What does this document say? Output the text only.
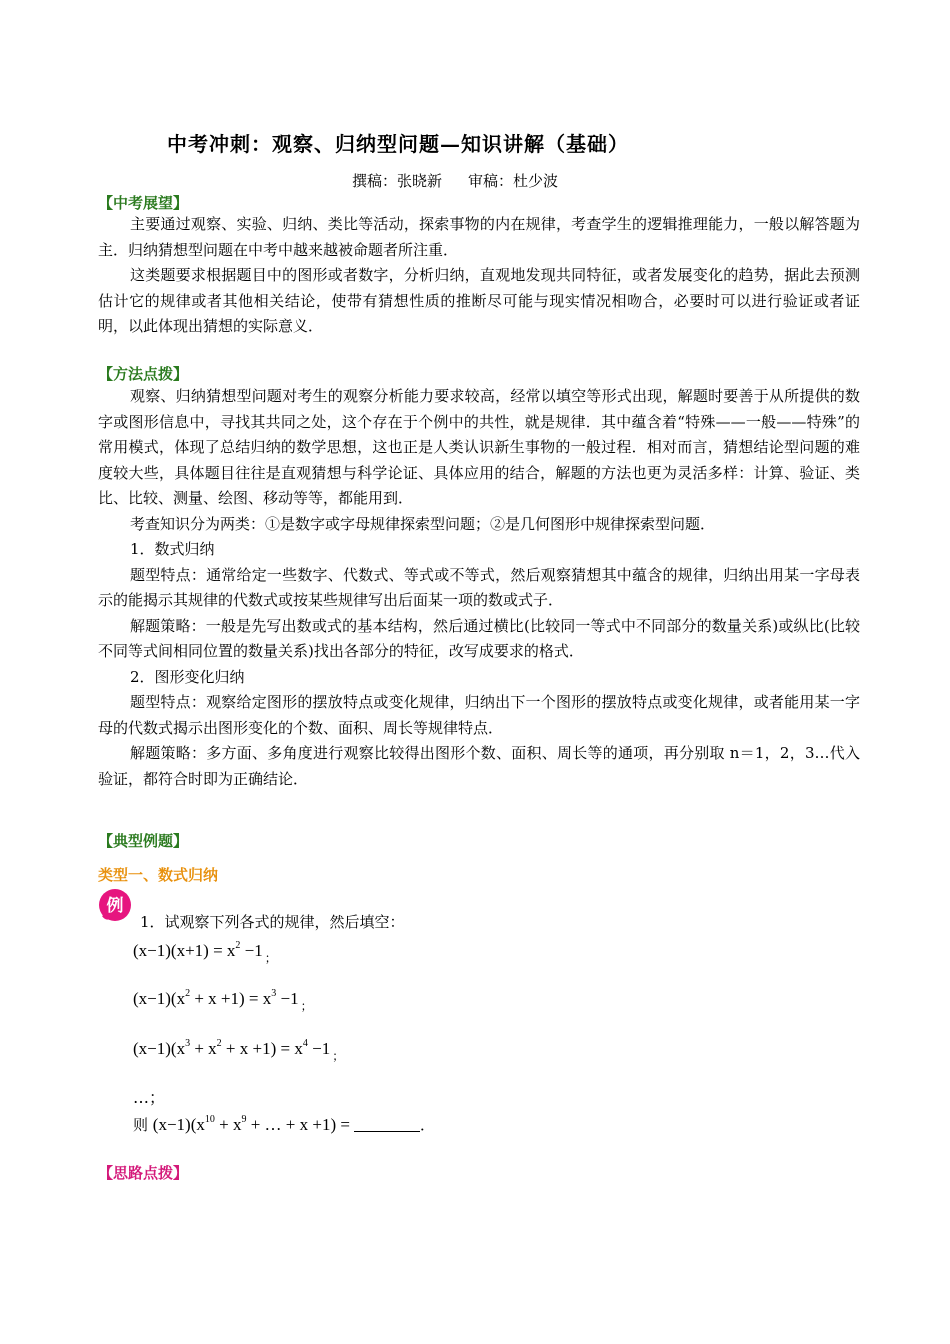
中考冲刺：观察、归纳型问题—知识讲解（基础）
撰稿：张晓新 审稿：杜少波
【中考展望】

主要通过观察、实验、归纳、类比等活动，探索事物的内在规律，考查学生的逻辑推理能力，一般以解答题为主．归纳猜想型问题在中考中越来越被命题者所注重．

这类题要求根据题目中的图形或者数字，分析归纳，直观地发现共同特征，或者发展变化的趋势，据此去预测估计它的规律或者其他相关结论，使带有猜想性质的推断尽可能与现实情况相吻合，必要时可以进行验证或者证明，以此体现出猜想的实际意义．

【方法点拨】

观察、归纳猜想型问题对考生的观察分析能力要求较高，经常以填空等形式出现，解题时要善于从所提供的数字或图形信息中，寻找其共同之处，这个存在于个例中的共性，就是规律．其中蕴含着“特殊——一般——特殊”的常用模式，体现了总结归纳的数学思想，这也正是人类认识新生事物的一般过程．相对而言，猜想结论型问题的难度较大些，具体题目往往是直观猜想与科学论证、具体应用的结合，解题的方法也更为灵活多样：计算、验证、类比、比较、测量、绘图、移动等等，都能用到．

考查知识分为两类：①是数字或字母规律探索型问题；②是几何图形中规律探索型问题．

1．数式归纳

题型特点：通常给定一些数字、代数式、等式或不等式，然后观察猜想其中蕴含的规律，归纳出用某一字母表示的能揭示其规律的代数式或按某些规律写出后面某一项的数或式子．

解题策略：一般是先写出数或式的基本结构，然后通过横比(比较同一等式中不同部分的数量关系)或纵比(比较不同等式间相同位置的数量关系)找出各部分的特征，改写成要求的格式．

2．图形变化归纳

题型特点：观察给定图形的摆放特点或变化规律，归纳出下一个图形的摆放特点或变化规律，或者能用某一字母的代数式揭示出图形变化的个数、面积、周长等规律特点．

解题策略：多方面、多角度进行观察比较得出图形个数、面积、周长等的通项，再分别取 n＝1，2，3…代入验证，都符合时即为正确结论．

【典型例题】
类型一、数式归纳
例
1．试观察下列各式的规律，然后填空：
$(x-1)(x+1) = x^2 -1$ $_;$
$(x-1)(x^2 + x +1) = x^3 -1$ $_;$
$(x-1)(x^3 + x^2 + x +1) = x^4 -1$ $_;$
…；
则 $(x-1)(x^{10} + x^9$ + … + x +1) =	．
【思路点拨】
